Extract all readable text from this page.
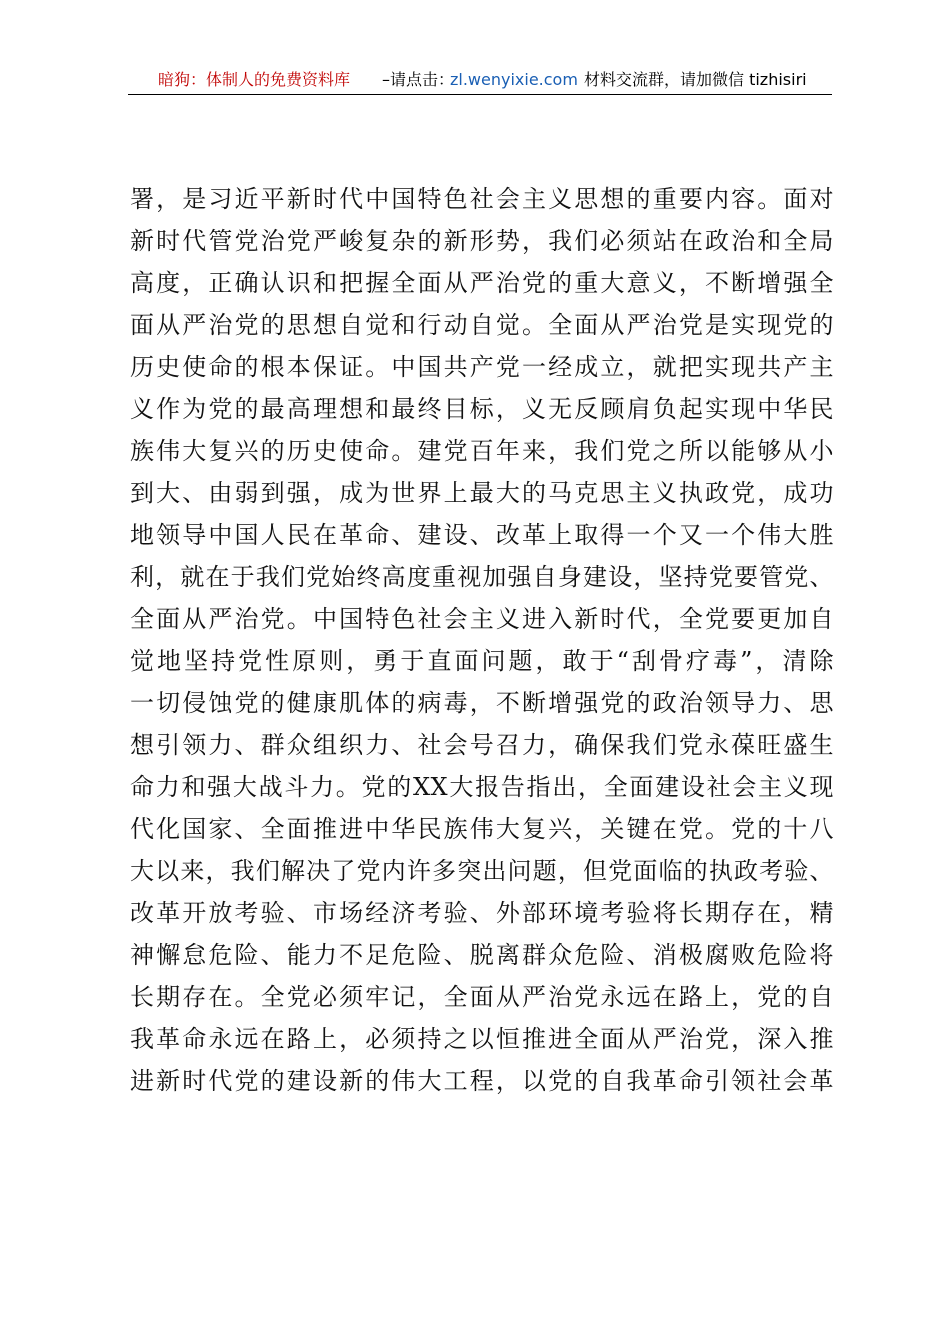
暗狗：体制人的免费资料库 –请点击：
zl.wenyixie.com 材料交流群，请加微信 tizhisiri
署，是习近平新时代中国特色社会主义思想的重要内容。面对
新时代管党治党严峻复杂的新形势，我们必须站在政治和全局
高度，正确认识和把握全面从严治党的重大意义，不断增强全
面从严治党的思想自觉和行动自觉。全面从严治党是实现党的
历史使命的根本保证。中国共产党一经成立，就把实现共产主
义作为党的最高理想和最终目标，义无反顾肩负起实现中华民
族伟大复兴的历史使命。建党百年来，我们党之所以能够从小
到大、由弱到强，成为世界上最大的马克思主义执政党，成功
地领导中国人民在革命、建设、改革上取得一个又一个伟大胜
利，就在于我们党始终高度重视加强自身建设，坚持党要管党、
全面从严治党。中国特色社会主义进入新时代，全党要更加自
觉地坚持党性原则，勇于直面问题，敢于“刮骨疗毒”，清除
一切侵蚀党的健康肌体的病毒，不断增强党的政治领导力、思
想引领力、群众组织力、社会号召力，确保我们党永葆旺盛生
命力和强大战斗力。党的XX大报告指出，全面建设社会主义现
代化国家、全面推进中华民族伟大复兴，关键在党。党的十八
大以来，我们解决了党内许多突出问题，但党面临的执政考验、
改革开放考验、市场经济考验、外部环境考验将长期存在，精
神懈怠危险、能力不足危险、脱离群众危险、消极腐败危险将
长期存在。全党必须牢记，全面从严治党永远在路上，党的自
我革命永远在路上，必须持之以恒推进全面从严治党，深入推
进新时代党的建设新的伟大工程，以党的自我革命引领社会革
